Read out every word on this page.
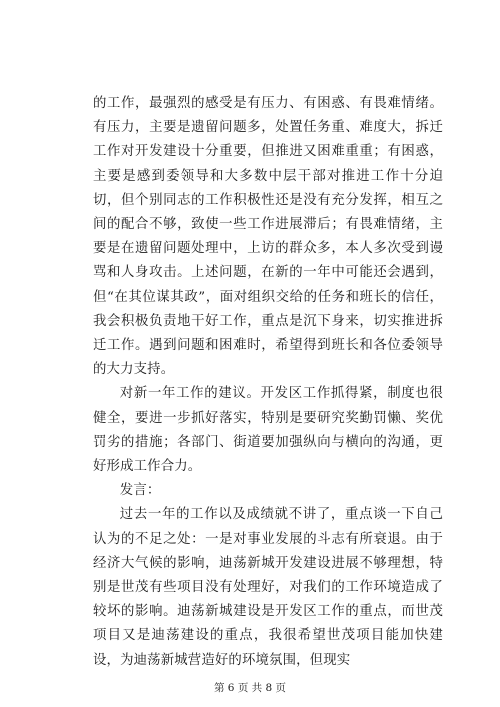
的工作，最强烈的感受是有压力、有困惑、有畏难情绪。有压力，主要是遗留问题多，处置任务重、难度大，拆迁工作对开发建设十分重要，但推进又困难重重；有困惑，主要是感到委领导和大多数中层干部对推进工作十分迫切，但个别同志的工作积极性还是没有充分发挥，相互之间的配合不够，致使一些工作进展滞后；有畏难情绪，主要是在遗留问题处理中，上访的群众多，本人多次受到谩骂和人身攻击。上述问题，在新的一年中可能还会遇到，但“在其位谋其政”，面对组织交给的任务和班长的信任，我会积极负责地干好工作，重点是沉下身来，切实推进拆迁工作。遇到问题和困难时，希望得到班长和各位委领导的大力支持。

对新一年工作的建议。开发区工作抓得紧，制度也很健全，要进一步抓好落实，特别是要研究奖勤罚懒、奖优罚劣的措施；各部门、街道要加强纵向与横向的沟通，更好形成工作合力。

发言：

过去一年的工作以及成绩就不讲了，重点谈一下自己认为的不足之处：一是对事业发展的斗志有所衰退。由于经济大气候的影响，迪荡新城开发建设进展不够理想，特别是世茂有些项目没有处理好，对我们的工作环境造成了较坏的影响。迪荡新城建设是开发区工作的重点，而世茂项目又是迪荡建设的重点，我很希望世茂项目能加快建设，为迪荡新城营造好的环境氛围，但现实

第 6 页 共 8 页
